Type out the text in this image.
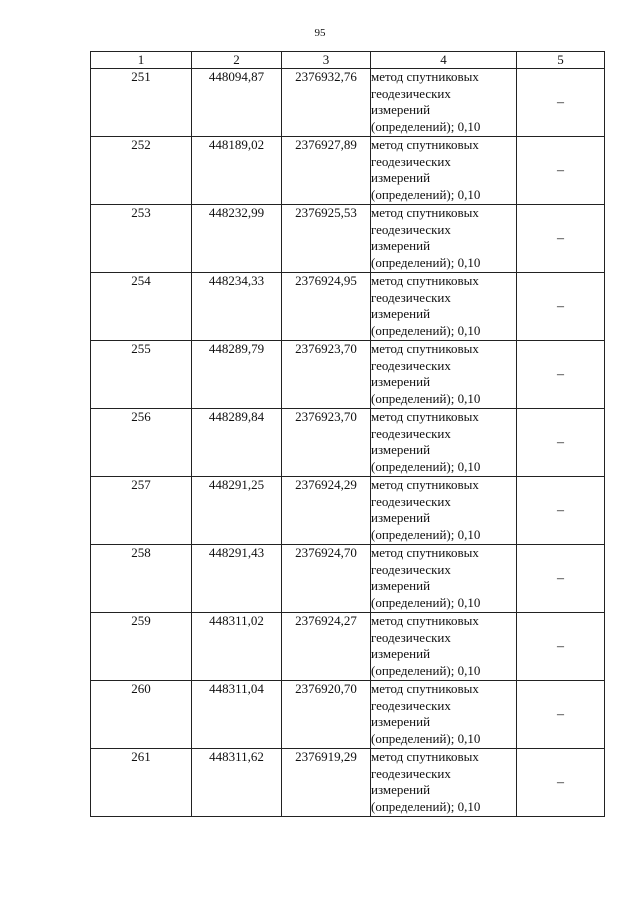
95
1	2	3	4	5
251	448094,87	2376932,76	метод спутниковых
геодезических
измерений
(определений); 0,10	–
252	448189,02	2376927,89	метод спутниковых
геодезических
измерений
(определений); 0,10	–
253	448232,99	2376925,53	метод спутниковых
геодезических
измерений
(определений); 0,10	–
254	448234,33	2376924,95	метод спутниковых
геодезических
измерений
(определений); 0,10	–
255	448289,79	2376923,70	метод спутниковых
геодезических
измерений
(определений); 0,10	–
256	448289,84	2376923,70	метод спутниковых
геодезических
измерений
(определений); 0,10	–
257	448291,25	2376924,29	метод спутниковых
геодезических
измерений
(определений); 0,10	–
258	448291,43	2376924,70	метод спутниковых
геодезических
измерений
(определений); 0,10	–
259	448311,02	2376924,27	метод спутниковых
геодезических
измерений
(определений); 0,10	–
260	448311,04	2376920,70	метод спутниковых
геодезических
измерений
(определений); 0,10	–
261	448311,62	2376919,29	метод спутниковых
геодезических
измерений
(определений); 0,10	–
